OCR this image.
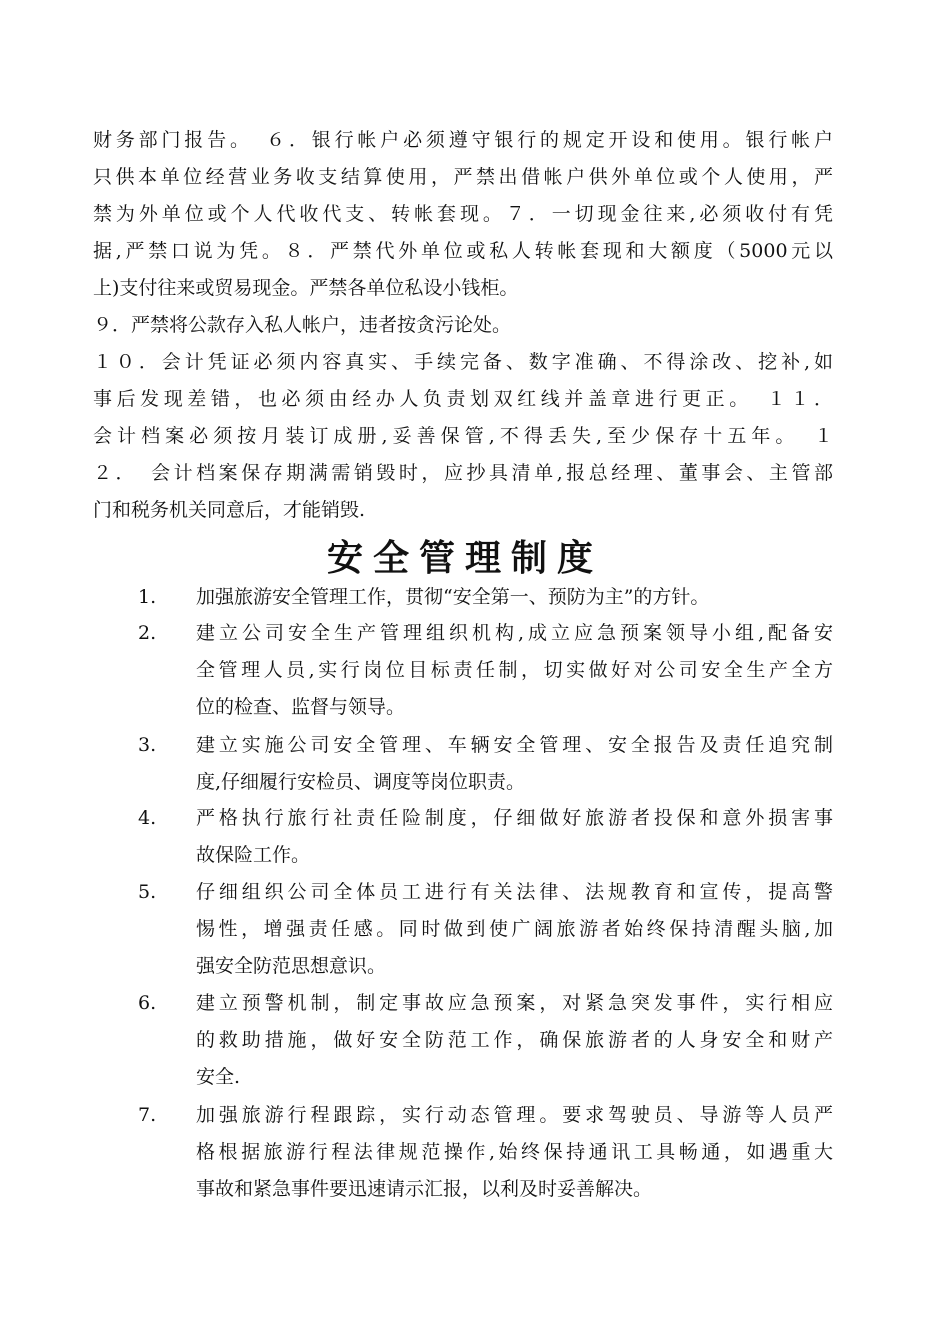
财务部门报告。　６．银行帐户必须遵守银行的规定开设和使用。银行帐户
只供本单位经营业务收支结算使用，严禁出借帐户供外单位或个人使用，严
禁为外单位或个人代收代支、转帐套现。７．一切现金往来,必须收付有凭
据,严禁口说为凭。８．严禁代外单位或私人转帐套现和大额度（5000元以
上)支付往来或贸易现金。严禁各单位私设小钱柜。
９．严禁将公款存入私人帐户，违者按贪污论处。
１０．会计凭证必须内容真实、手续完备、数字准确、不得涂改、挖补,如
事后发现差错，也必须由经办人负责划双红线并盖章进行更正。　１１．
会计档案必须按月装订成册,妥善保管,不得丢失,至少保存十五年。　１
２．　会计档案保存期满需销毁时，应抄具清单,报总经理、董事会、主管部
门和税务机关同意后，才能销毁.
安全管理制度
1. 加强旅游安全管理工作，贯彻“安全第一、预防为主”的方针。
2. 建立公司安全生产管理组织机构,成立应急预案领导小组,配备安
全管理人员,实行岗位目标责任制，切实做好对公司安全生产全方
位的检查、监督与领导。
3. 建立实施公司安全管理、车辆安全管理、安全报告及责任追究制
度,仔细履行安检员、调度等岗位职责。
4. 严格执行旅行社责任险制度，仔细做好旅游者投保和意外损害事
故保险工作。
5. 仔细组织公司全体员工进行有关法律、法规教育和宣传，提高警
惕性，增强责任感。同时做到使广阔旅游者始终保持清醒头脑,加
强安全防范思想意识。
6. 建立预警机制，制定事故应急预案，对紧急突发事件，实行相应
的救助措施，做好安全防范工作，确保旅游者的人身安全和财产
安全.
7. 加强旅游行程跟踪，实行动态管理。要求驾驶员、导游等人员严
格根据旅游行程法律规范操作,始终保持通讯工具畅通，如遇重大
事故和紧急事件要迅速请示汇报，以利及时妥善解决。
